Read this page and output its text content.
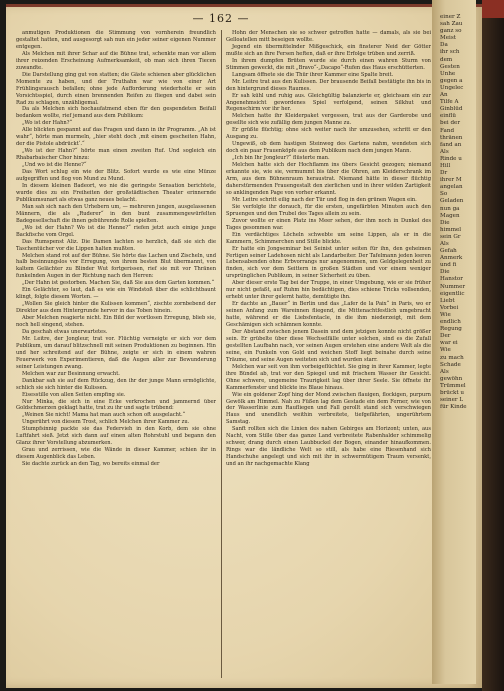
— 162 —

anmutigen Produktionen die Stimmung von vornherein freundlich gestaltet hatten, und ausgesorgt sah nun ein jeder seiner eigenen Nummer entgegen.

Als Melchen mit ihrer Schar auf die Bühne trat, schenkte man vor allem ihrer reizenden Erscheinung Aufmerksamkeit, ob man sich ihren Tiecen zuwandte.

Die Darstellung ging gut von statten; die Gäste schienen aber glücklichen Momente zu haben, und der Truthahn war wie von einer Art Frühlingsrausch befallen; ohne jede Aufforderung wiederholte er sein Vorsichtsspiel, durch einen brennenden Reifen zu fliegen und dabei sein Rad zu schlagen, unzähligemal.

Da als Melchen sich hochaufatmend eben für den gespendeten Beifall bedanken wollte, rief jemand aus dem Publikum:

„Wo ist der Hahn?“

Alle blickten gespannt auf das Fragen und dann in ihr Programm. „Ah ist wahr“, hörte man murmeln, „hier steht doch ‚mit einem gescheiten Hahn, der die Pistole abdrückt‘.“

„Wo ist der Hahn?“ hörte man einen zweiten Ruf. Und sogleich ein Rhabarbaischer Chor hinzu:

„Und wo ist die Henne?“

Das Wort schlug ein wie der Blitz. Sofort wurde es wie eine Münze aufgegriffen und flog von Mund zu Mund.

In diesem kleinen Badeort, wo nie die geringste Sensation berichtete, wurde dies zu ein Freiheiten der großstädtischen Theater erinnernde Publikumsunart als etwas ganz neues belacht.

Man sah sich nach den Urhebern um, — mehreren jungen, ausgelassenen Männern, die als „Ruderer“ in den bunt zusammengewürfelten Badegesellschaft die ihnen gebührende Rolle spielten.

„Wo ist der Hahn? Wo ist die Henne?“ riefen jetzt auch einige junge Backfische vom Orgel.

Das Rumspenst Aliz. Die Damen lachten so herzlich, daß sie sich die Taschentücher vor die Lippen halten mußten.

Melchen stand rot auf der Bühne. Sie hörte das Lachen und Zischeln, und halb besinnungslos vor Erregung, von ihrem besten Blut übermannt, von kaltem Gelächter zu Blinder Wut fortgerissen, rief sie mit vor Thränen funkelnden Augen in der Richtung nach den Herren:

„Der Hahn ist gestorben. Machen Sie, daß Sie aus dem Garten kommen.“

Ein Gelächter, so laut, daß es wie ein Windstoß über die schlichtbaunt klingt, folgte diesem Worten. —

„Wollen Sie gleich hinter die Kulissen kommen“, zischte zornbebend der Direktor aus dem Hintergrunde hervor in das Toben hinein.

Aber Melchen reagierte nicht. Ein Bild der wortlosen Erregung, blieb sie, noch hell singend, stehen.

Da geschah etwas unerwartetes.

Mr. Leitre, der Jongleur, trat vor. Flüchtig verneigte er sich vor dem Publikum, um darauf blitzschnell mit seinen Produktionen zu beginnen. Hin und her schreitend auf der Bühne, zeigte er sich in einem wahren Feuerwerk von Experimentieren, daß die Augen aller zur Bewunderung seiner Leistungen zwang.

Melchen war zur Besinnung erwacht.

Dankbar sah sie auf dem Rückzug, den ihr der junge Mann ermöglichte, schlich sie sich hinter die Kulissen.

Eisesstille von allen Seiten empfing sie.

Nur Minka, die sich in eine Ecke verkrochen und jammernd über Goldschmerzen geklagt hatte, trat zu ihr und sagte trübend:

„Weinen Sie nicht! Mama hat man auch schon oft ausgelacht.“

Ungerührt von diesem Trost, schlich Melchen ihrer Kammer zu.

Stumpfsinnig packte sie das Federvieh in den Korb, dem sie ohne Luftfahrt sieß. Jetzt sich dann auf einen alten Rohrstuhl und begann den Glanz ihrer Vorstellung abzumerken.

Grau und zerrissen, wie die Wände in dieser Kammer, schien ihr in diesem Augenblick das Leben.

Sie dachte zurück an den Tag, wo bereits einmal der

Hohn der Menschen sie so schwer getroffen hatte — damals, als sie bei Gelloatellen mitt beseigen wollte.

Jegend ein übermittelnder Mißgeschick, ein finsterer Neid der Götter mußte sich an ihre Fersen heften, daß er ihre Erfolge trüben und zerriß.

In ihrem dumpfen Brüten wurde sie durch einen wahren Sturm von Stimmen geweckt, die mit „Bravo“-„Dacapo“-Rufen das Haus erschütterten.

Langsam öffnete sie die Thür ihrer Kammer eine Spalte breit.

Mr. Leitre trat aus den Kulissen. Der brausende Beifall bestätigte ihn bis in den hintergrund dieses Raumes.

Er sah kühl und ruhig aus. Gleichgültig balanzierte er, gleichsam ein zur Angenehmsicht gewordenes Spiel verfolgend, seinen Silkhut und Regenschirm vor ihr her.

Melchen hatte ihr Kleiderpaket vergessen, trat aus der Garderobe und gesellte sich wie zufällig dem jungen Manne zu.

Er grüßte flüchtig; ohne sich weiter nach ihr umzusehen, schritt er den Ausgang zu.

Ungewiß, ob dem hastigen Steinweg des Gartens nahm, wendeten sich doch ein paar Frauenköpfe aus dem Publikum nach dem jungen Mann.

„Ich bin Ihr Jongleur?“ flüsterte man.

Melchen hatte sich der Hochflamm ins übers Gesicht gezogen; niemand erkannte sie, wie sie, vermummt bis über die Ohren, am Kleiderschrank im Arm, aus dem Bühnenraum heraustrat. Niemand hätte in dieser flüchtig daherstürmenden Frauengestalt den zierlichen und in ihrer wilden Zartigkeit so anklingenden Page von vorher erkannt.

Mr. Leitre schritt eilig nach der Tür und flog in den grünen Wagen ein.

Sie verfolgte ihr dorauch, für die ersten, ungefärbten Minuten auch den Spruengen und den Trubel des Tages allein zu sein.

Zuvor wollte er einen Platz ins Meer sehen, der ihm noch in Dunkel des Tages gesommen war.

Ein verdächtiges Löcheln schwebte um seine Lippen, als er in die Kammern, Schimmerchen und Stille blickte.

Er hatte ein Jongseminar bei Seinist unter seiten für ihn, den geheimen Fertigen seiner Ladehosen nicht als Landarbeiter. Der Tafelmann jeden leeren Lebensabenden ohne Erbvorrangs nur angenommen, um Geldgelegenheit zu finden, sich vor dem Seittern in großen Städten und vor einem weniger ursprünglichen Publikum, in seiner Sicherheit zu üben.

Aber dieser erste Tag bei der Truppe, in einer Umgebung, wie er sie früher nur nicht gefaßt, auf Ruhm hin bedächtigen, dies schiene Tricks vollsenden, erhebt unter ihrer gelernt hatte, demütigte ihn.

Er dachte an „Bauer“ in Berlin und das „Lafer de la Paix“ in Paris, wo er seinen Anfang zum Wareinnen fliegend, die Mittenachtfestlich umgebracht hatte, während er die Liebsfentacle, in die ihm niederzeigt, mit dem Geschämigen sich schämnen konnte.

Der Abstand zwischen jenem Dasein und dem jetzigen konnte nicht größer sein. Er grübelte über diese Wechselfälle unter solchen, sind es die Zufall gestellten Laufbahn nach, vor seinen Augen erstehen eine andere Welt als die seine, ein Funkeln von Gold und weichen Stoff liegt beinahe durch seine Träume, und seine Augen weiteten sich und wurden starr.

Melchen war seit von ihm vorbeigeflüchtet. Sie ging in ihrer Kammer, legte ihre Bündel ab, trat vor den Spiegel und mit frischem Wasser ihr Gesicht. Ohne schwere, ungemeine Traurigkeit lag über ihrer Seele. Sie öffnete ihr Kammerfenster und blickte ins Blaue hinaus.

Wie ein goldener Zopf hing der Mond zwischen flauigen, flockigen, purpurn Gewölk am Himmel. Nah zu Füßen lag dem Gestade ein dem Ferner, wie von der Wasserlinie zum Raufliegen und Fall gerollt stand sich verschwiegen Haus und unendlich weithin verbreitete, tiefgefährten, ungerührtem Samstag.

Sanft rollten sich die Linien des nahen Gebirges am Horizont; unten, aus Nacht, vom Stille über das ganze Land verbreitete Rabenhalder schimmelig schwer, drang durch einen Laubbuckel der Bogen, einander hinaufkommen. Rings war die ländliche Welt so still, als habe eine Riesenhand sich Handschuhe angelegt und sich mit ihr in schwermütigem Traum versenkt, und an ihr nachgemachte Klang

einer Z
sah Zau
ganz so
Meist
Da
ihr sch
dem
Gesten
Unhe
gegen a
Ungelec
An
Tilfe A
Ginblüd
einflü
bei der
Fand
thränen
fand an
Als
Rinde u
Hill
Dr
ihrer M
angelan
So
Geladen
nun ga
Magen
Die
himmel
sein Gr
Als
Gefah
Anmerk
und fi
Die
Hanstor
Nummer
eigentlic
Liebt
Vorbei
Wie
endlich
Regung
Der
war ei
Wie
zu mach
Schade
Als
gewöhn
Trümmel
brückt u
seiner L
für Kinde
